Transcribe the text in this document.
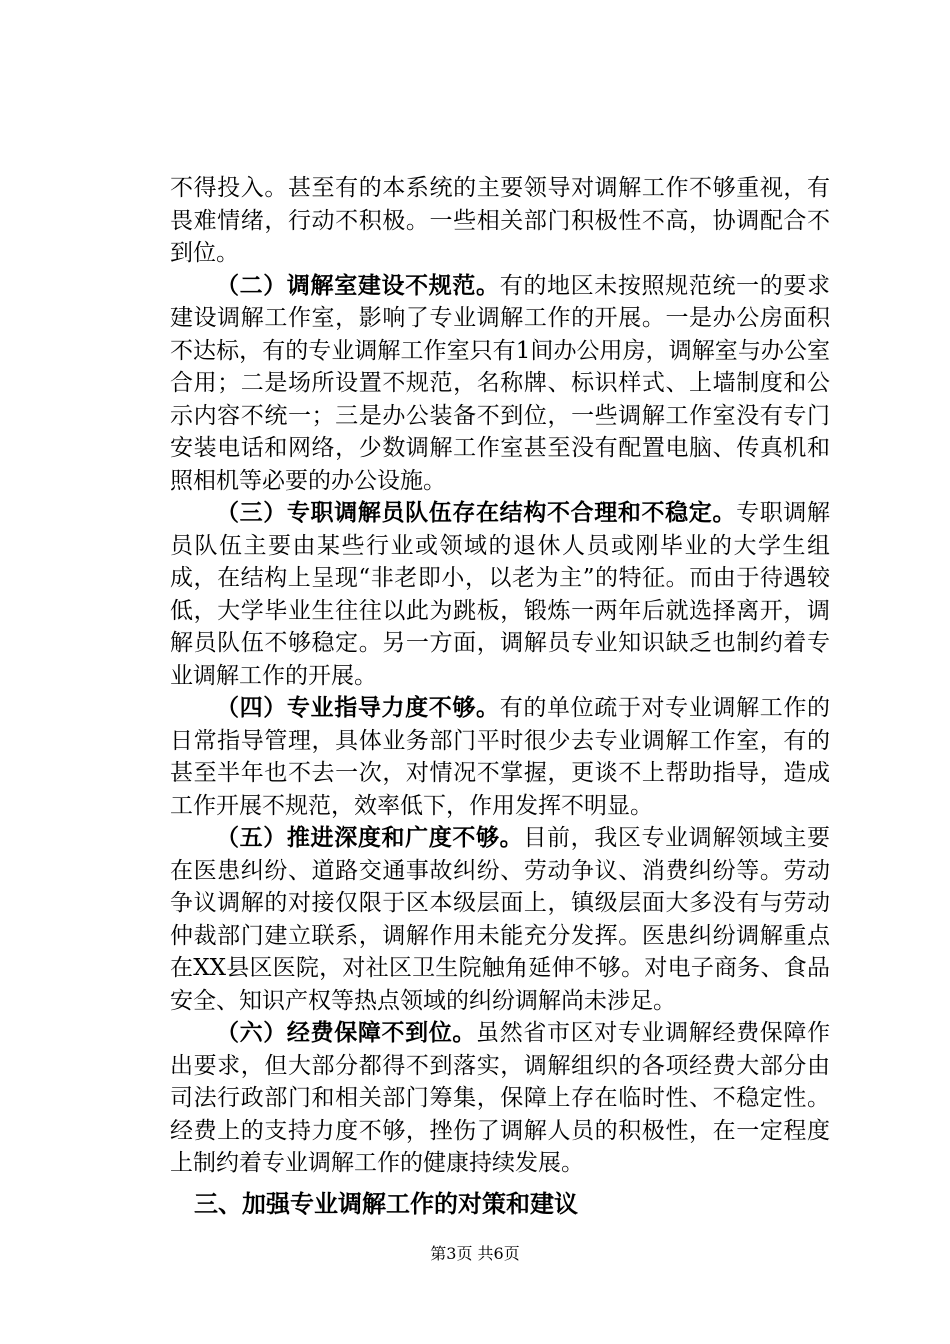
不得投入。甚至有的本系统的主要领导对调解工作不够重视，有畏难情绪，行动不积极。一些相关部门积极性不高，协调配合不到位。

（二）调解室建设不规范。有的地区未按照规范统一的要求建设调解工作室，影响了专业调解工作的开展。一是办公房面积不达标，有的专业调解工作室只有1间办公用房，调解室与办公室合用；二是场所设置不规范，名称牌、标识样式、上墙制度和公示内容不统一；三是办公装备不到位，一些调解工作室没有专门安装电话和网络，少数调解工作室甚至没有配置电脑、传真机和照相机等必要的办公设施。

（三）专职调解员队伍存在结构不合理和不稳定。专职调解员队伍主要由某些行业或领域的退休人员或刚毕业的大学生组成，在结构上呈现“非老即小，以老为主”的特征。而由于待遇较低，大学毕业生往往以此为跳板，锻炼一两年后就选择离开，调解员队伍不够稳定。另一方面，调解员专业知识缺乏也制约着专业调解工作的开展。

（四）专业指导力度不够。有的单位疏于对专业调解工作的日常指导管理，具体业务部门平时很少去专业调解工作室，有的甚至半年也不去一次，对情况不掌握，更谈不上帮助指导，造成工作开展不规范，效率低下，作用发挥不明显。

（五）推进深度和广度不够。目前，我区专业调解领域主要在医患纠纷、道路交通事故纠纷、劳动争议、消费纠纷等。劳动争议调解的对接仅限于区本级层面上，镇级层面大多没有与劳动仲裁部门建立联系，调解作用未能充分发挥。医患纠纷调解重点在XX县区医院，对社区卫生院触角延伸不够。对电子商务、食品安全、知识产权等热点领域的纠纷调解尚未涉足。

（六）经费保障不到位。虽然省市区对专业调解经费保障作出要求，但大部分都得不到落实，调解组织的各项经费大部分由司法行政部门和相关部门筹集，保障上存在临时性、不稳定性。经费上的支持力度不够，挫伤了调解人员的积极性，在一定程度上制约着专业调解工作的健康持续发展。

三、加强专业调解工作的对策和建议

第3页 共6页
